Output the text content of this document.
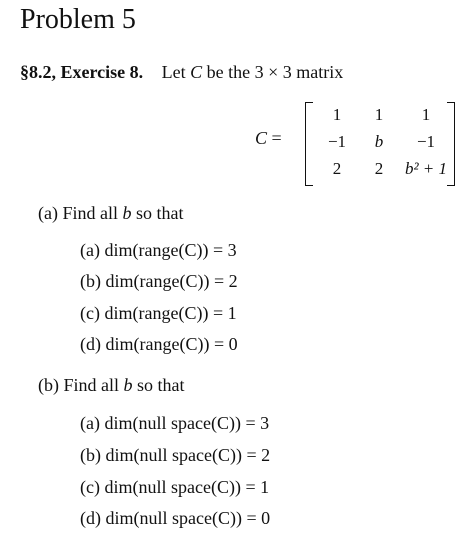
Problem 5
§8.2, Exercise 8. Let C be the 3 × 3 matrix
C =
1	1	1
−1	b	−1
2	2	b² + 1
(a) Find all b so that
(a) dim(range(C)) = 3
(b) dim(range(C)) = 2
(c) dim(range(C)) = 1
(d) dim(range(C)) = 0
(b) Find all b so that
(a) dim(null space(C)) = 3
(b) dim(null space(C)) = 2
(c) dim(null space(C)) = 1
(d) dim(null space(C)) = 0
